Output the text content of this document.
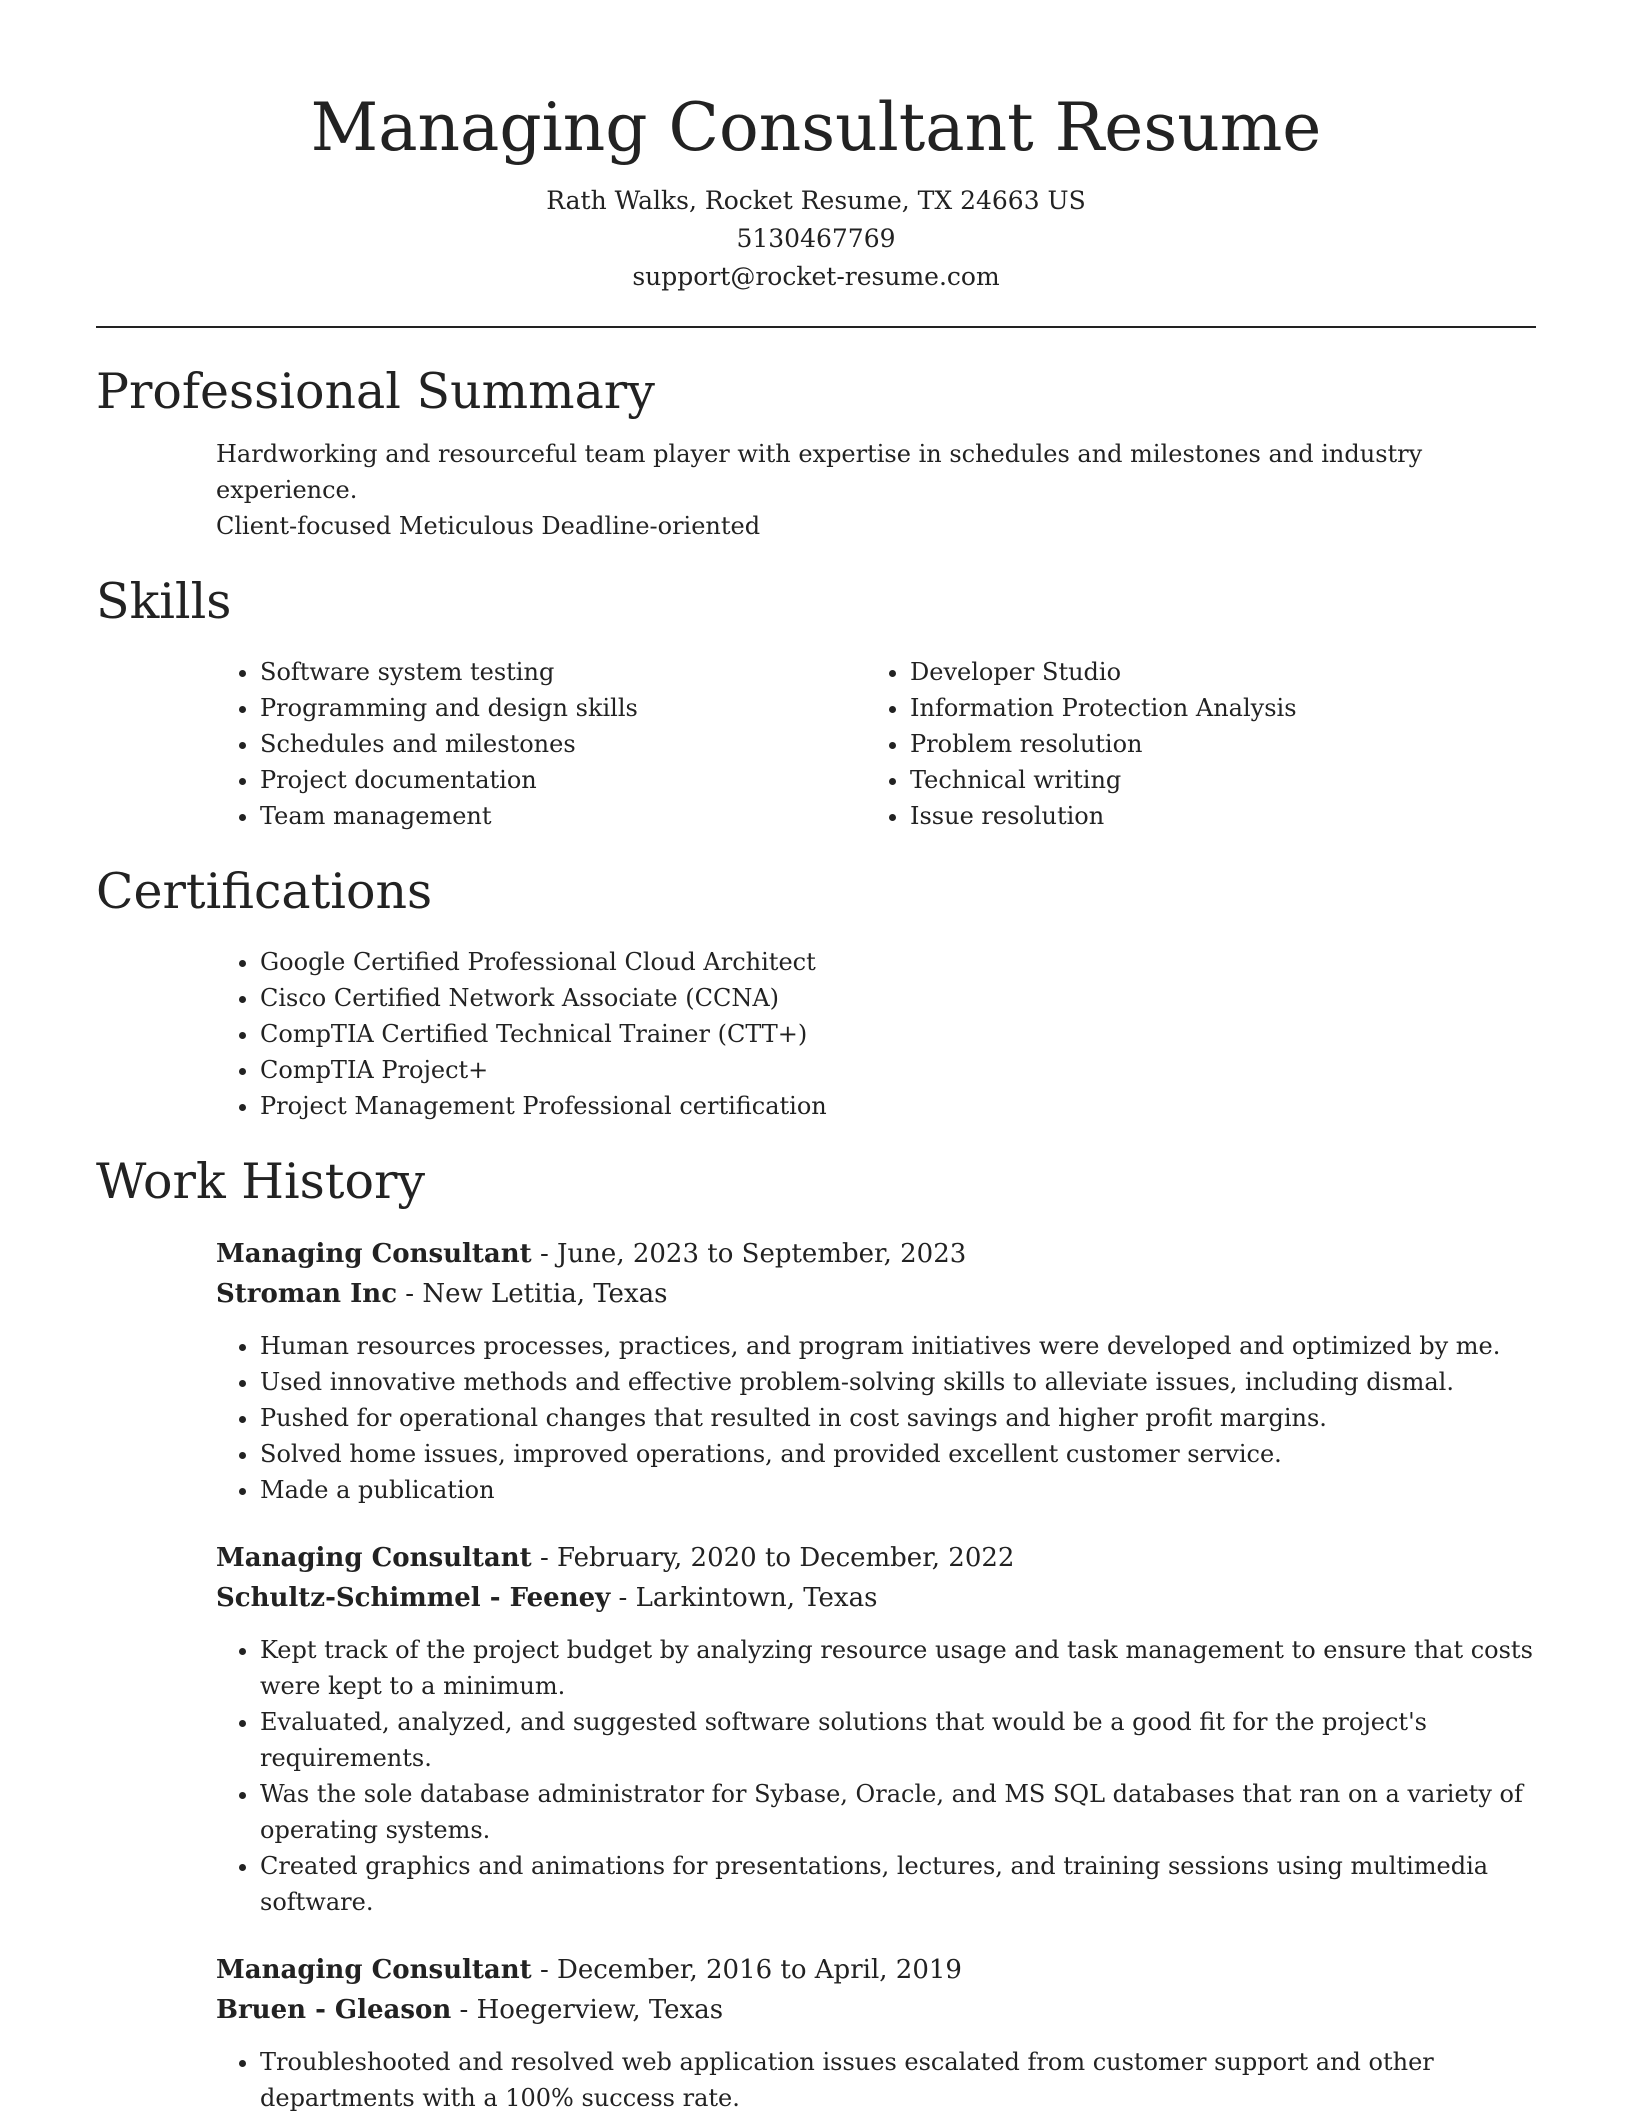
Managing Consultant Resume
Rath Walks, Rocket Resume, TX 24663 US
5130467769
support@rocket-resume.com
Professional Summary

Hardworking and resourceful team player with expertise in schedules and milestones and industry experience.

Client-focused Meticulous Deadline-oriented

Skills
• Software system testing
• Programming and design skills
• Schedules and milestones
• Project documentation
• Team management
• Developer Studio
• Information Protection Analysis
• Problem resolution
• Technical writing
• Issue resolution
Certifications
• Google Certified Professional Cloud Architect
• Cisco Certified Network Associate (CCNA)
• CompTIA Certified Technical Trainer (CTT+)
• CompTIA Project+
• Project Management Professional certification
Work History
Managing Consultant - June, 2023 to September, 2023
Stroman Inc - New Letitia, Texas
• Human resources processes, practices, and program initiatives were developed and optimized by me.
• Used innovative methods and effective problem-solving skills to alleviate issues, including dismal.
• Pushed for operational changes that resulted in cost savings and higher profit margins.
• Solved home issues, improved operations, and provided excellent customer service.
• Made a publication
Managing Consultant - February, 2020 to December, 2022
Schultz-Schimmel - Feeney - Larkintown, Texas
• Kept track of the project budget by analyzing resource usage and task management to ensure that costs were kept to a minimum.
• Evaluated, analyzed, and suggested software solutions that would be a good fit for the project's requirements.
• Was the sole database administrator for Sybase, Oracle, and MS SQL databases that ran on a variety of operating systems.
• Created graphics and animations for presentations, lectures, and training sessions using multimedia software.
Managing Consultant - December, 2016 to April, 2019
Bruen - Gleason - Hoegerview, Texas
• Troubleshooted and resolved web application issues escalated from customer support and other departments with a 100% success rate.
